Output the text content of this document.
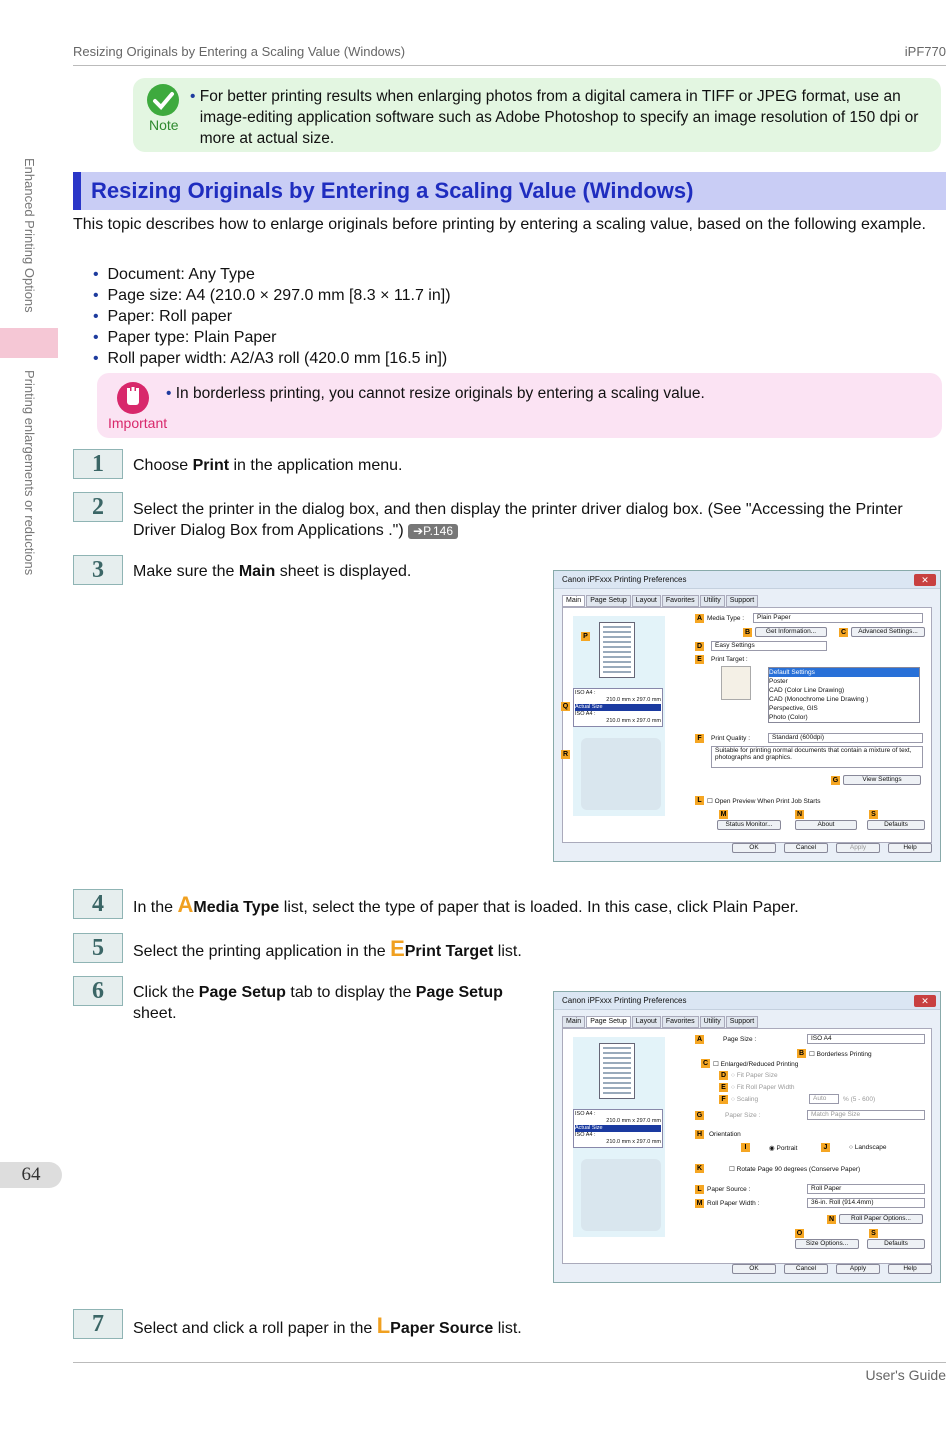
Resizing Originals by Entering a Scaling Value (Windows)	iPF770
Enhanced Printing Options
Printing enlargements or reductions
64
Note
• For better printing results when enlarging photos from a digital camera in TIFF or JPEG format, use an image-editing application software such as Adobe Photoshop to specify an image resolution of 150 dpi or more at actual size.
Resizing Originals by Entering a Scaling Value (Windows)
This topic describes how to enlarge originals before printing by entering a scaling value, based on the following example.
• Document: Any Type
• Page size: A4 (210.0 × 297.0 mm [8.3 × 11.7 in])
• Paper: Roll paper
• Paper type: Plain Paper
• Roll paper width: A2/A3 roll (420.0 mm [16.5 in])
Important
• In borderless printing, you cannot resize originals by entering a scaling value.
1	Choose Print in the application menu.
2	Select the printer in the dialog box, and then display the printer driver dialog box. (See "Accessing the Printer Driver Dialog Box from Applications .") ➔P.146
3	Make sure the Main sheet is displayed.	Canon iPFxxx Printing Preferences	✕
Main	Page Setup	Layout	Favorites	Utility	Support
ISO A4 :
210.0 mm x 297.0 mm
Actual Size
ISO A4 :
210.0 mm x 297.0 mm
P
Q
R
A Media Type :	Plain Paper
B	Get Information...	C	Advanced Settings...
D	Easy Settings
E	Print Target :
Default Settings
Poster
CAD (Color Line Drawing)
CAD (Monochrome Line Drawing )
Perspective, GIS
Photo (Color)
F	Print Quality :	Standard (600dpi)
Suitable for printing normal documents that contain a mixture of text, photographs and graphics.
G	View Settings
L ☐ Open Preview When Print Job Starts
M	N	S
Status Monitor...	About	Defaults
OK	Cancel	Apply	Help
4	In the AMedia Type list, select the type of paper that is loaded. In this case, click Plain Paper.
5	Select the printing application in the EPrint Target list.
6	Click the Page Setup tab to display the Page Setup sheet.
Canon iPFxxx Printing Preferences	✕
Main	Page Setup	Layout	Favorites	Utility	Support
ISO A4 :
210.0 mm x 297.0 mm
Actual Size
ISO A4 :
210.0 mm x 297.0 mm
A	Page Size :	ISO A4
B ☐ Borderless Printing
C ☐ Enlarged/Reduced Printing
D ○ Fit Paper Size
E ○ Fit Roll Paper Width
F ○ Scaling	Auto	% (5 - 600)
G	Paper Size :	Match Page Size
H	Orientation
I	◉ Portrait	J	○ Landscape
K	☐ Rotate Page 90 degrees (Conserve Paper)
L Paper Source :	Roll Paper
M Roll Paper Width :	36-in. Roll (914.4mm)
N	Roll Paper Options...
O	S
Size Options...	Defaults
OK	Cancel	Apply	Help
7	Select and click a roll paper in the LPaper Source list.
User's Guide
